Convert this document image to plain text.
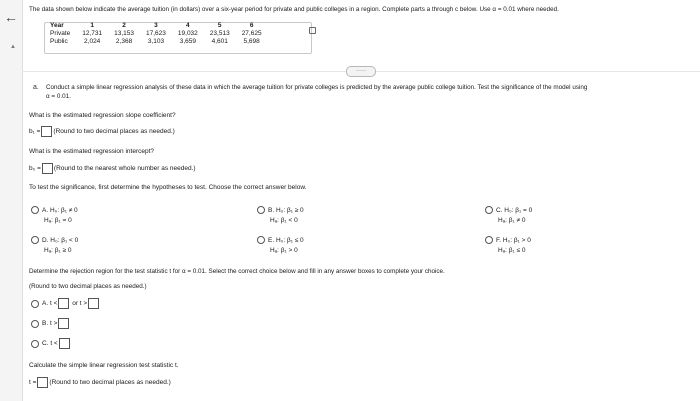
←
▲
The data shown below indicate the average tuition (in dollars) over a six-year period for private and public colleges in a region. Complete parts a through c below. Use α = 0.01 where needed.
Year	1	2	3	4	5	6
Private	12,731	13,153	17,623	19,032	23,513	27,625
Public	2,024	2,368	3,103	3,659	4,601	5,698
·····
a. Conduct a simple linear regression analysis of these data in which the average tuition for private colleges is predicted by the average public college tuition. Test the significance of the model using
α = 0.01.
What is the estimated regression slope coefficient?
b₁ = (Round to two decimal places as needed.)
What is the estimated regression intercept?
b₀ = (Round to the nearest whole number as needed.)
To test the significance, first determine the hypotheses to test. Choose the correct answer below.
A. H₀: β₁ ≠ 0
Hₐ: β₁ = 0
B. H₀: β₁ ≥ 0
Hₐ: β₁ < 0
C. H₀: β₁ = 0
Hₐ: β₁ ≠ 0
D. H₀: β₁ < 0
Hₐ: β₁ ≥ 0
E. H₀: β₁ ≤ 0
Hₐ: β₁ > 0
F. H₀: β₁ > 0
Hₐ: β₁ ≤ 0
Determine the rejection region for the test statistic t for α = 0.01. Select the correct choice below and fill in any answer boxes to complete your choice.
(Round to two decimal places as needed.)
A. t < or t >
B. t >
C. t <
Calculate the simple linear regression test statistic t.
t = (Round to two decimal places as needed.)
